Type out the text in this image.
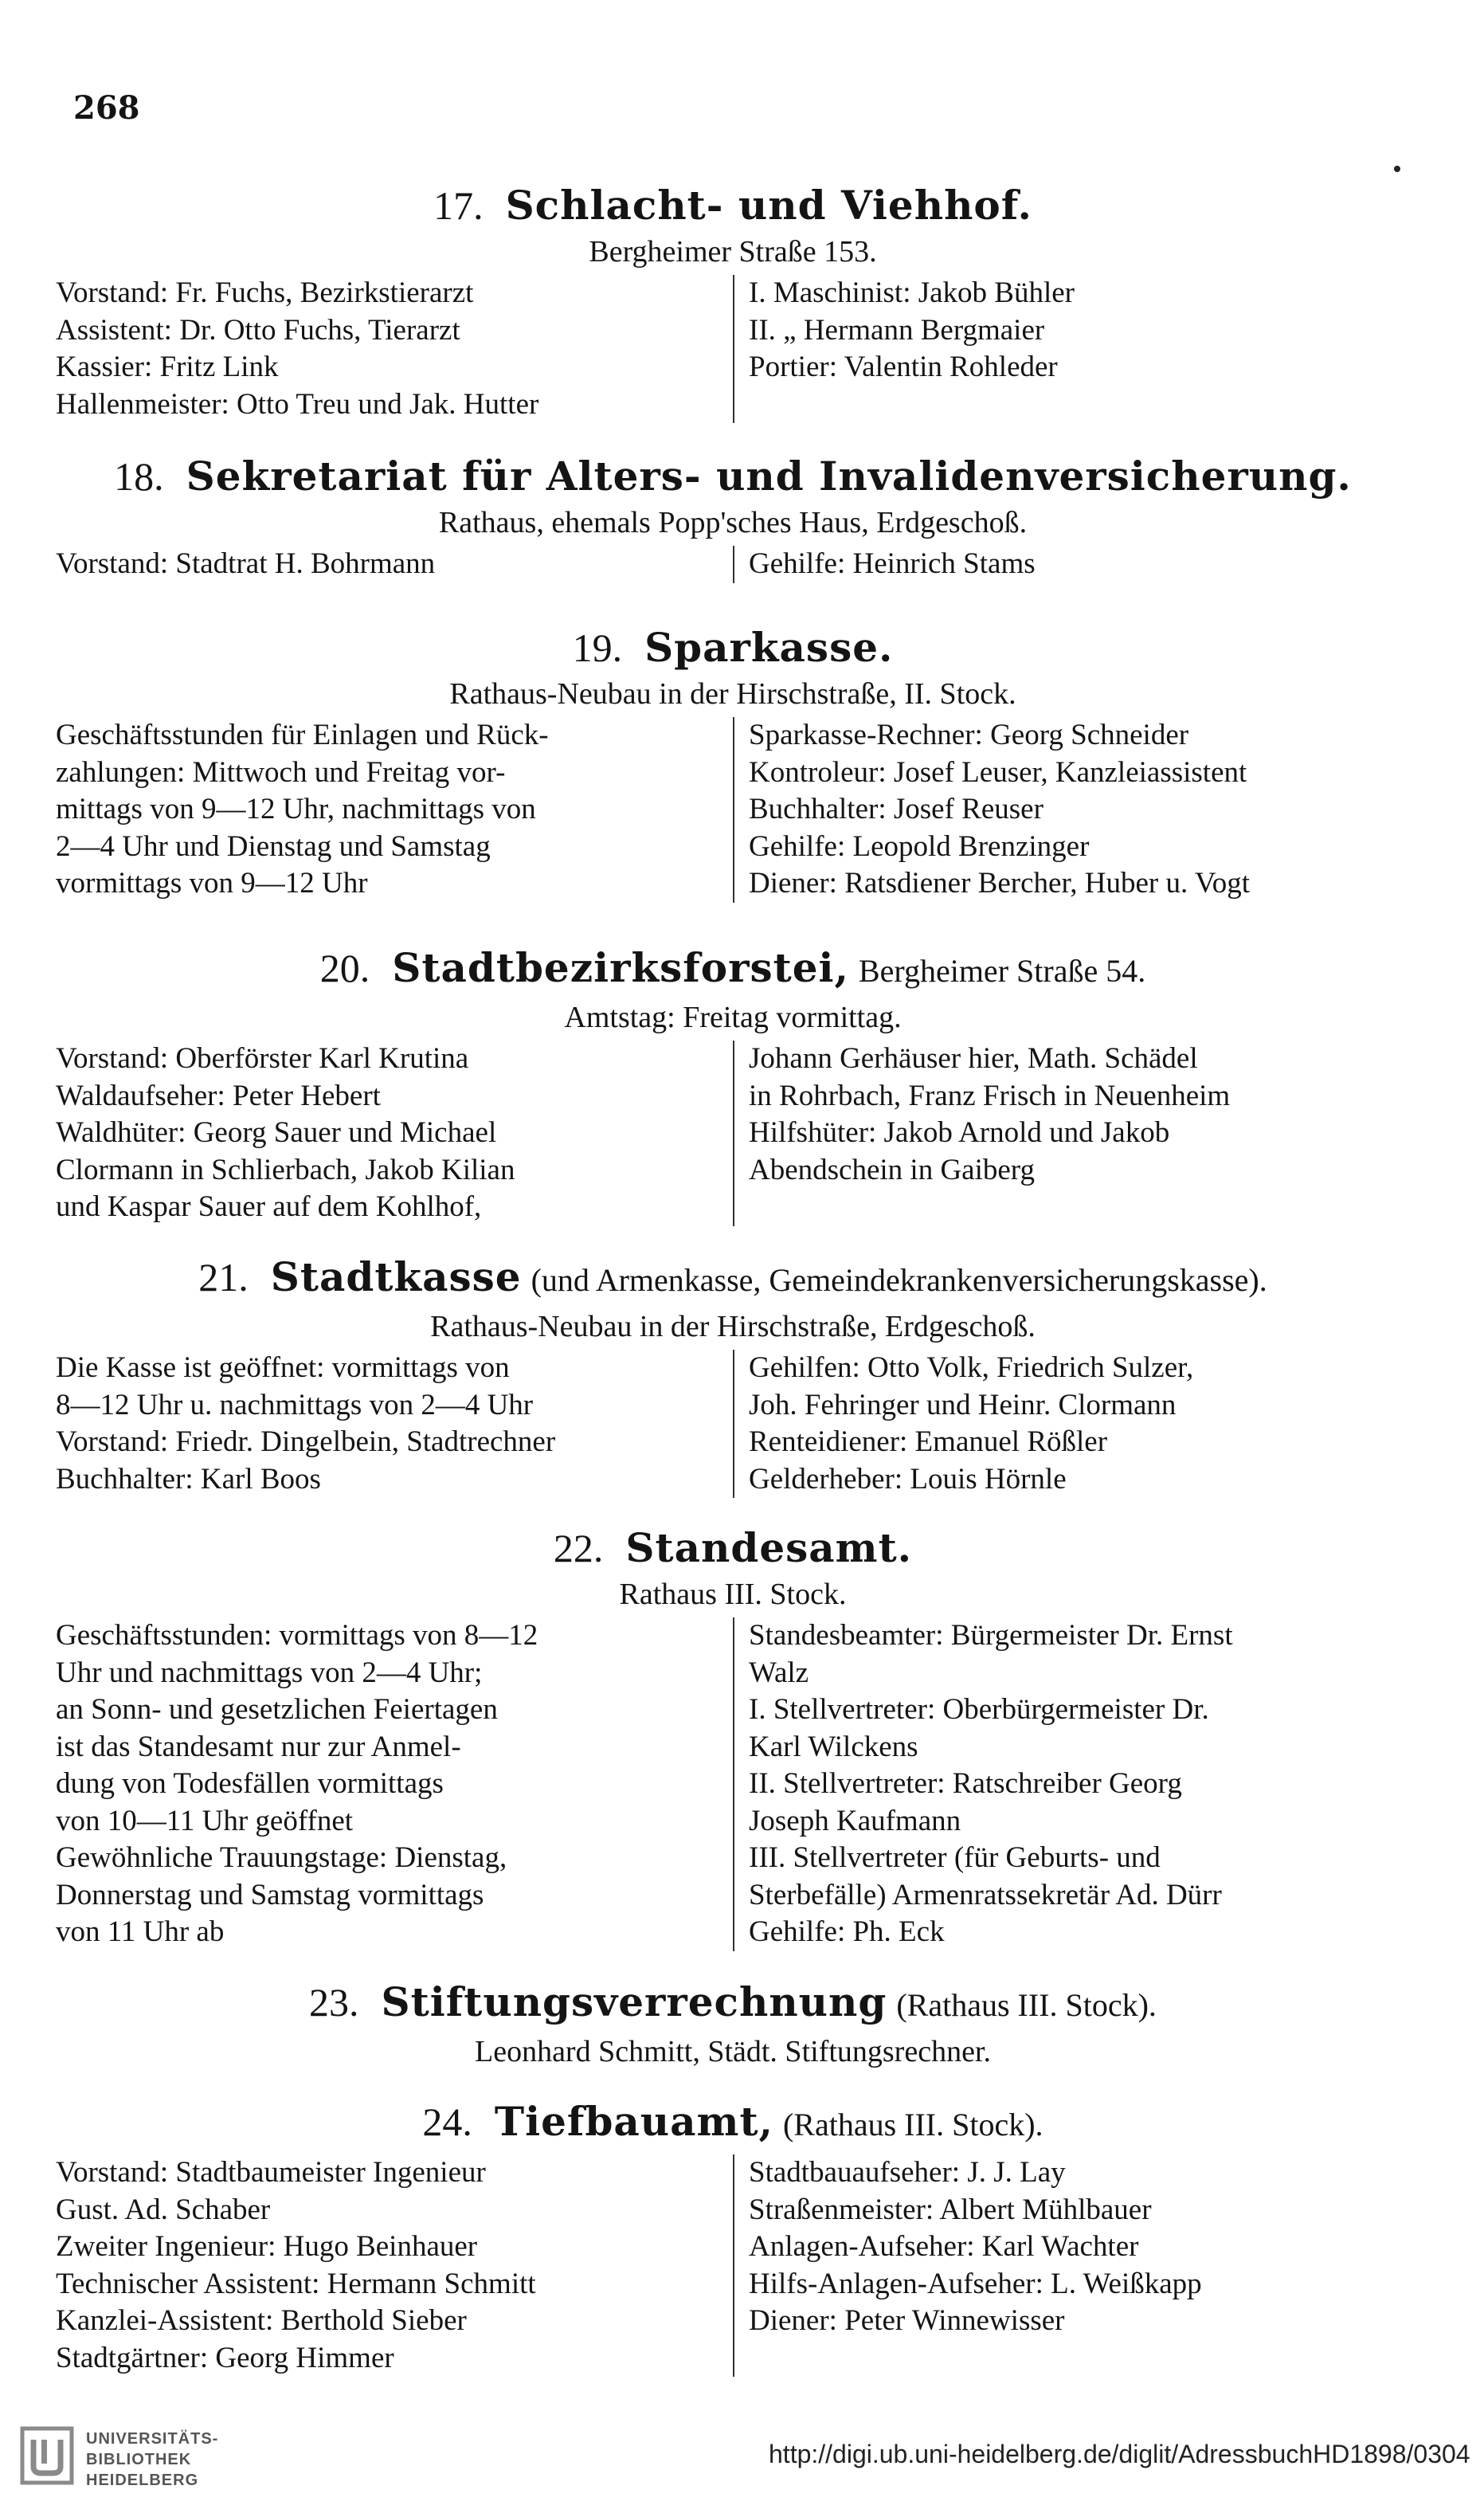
268
17. Schlacht- und Viehhof.
Bergheimer Straße 153.
Vorstand: Fr. Fuchs, Bezirkstierarzt
Assistent: Dr. Otto Fuchs, Tierarzt
Kassier: Fritz Link
Hallenmeister: Otto Treu und Jak. Hutter
I. Maschinist: Jakob Bühler
II. „ Hermann Bergmaier
Portier: Valentin Rohleder
18. Sekretariat für Alters- und Invalidenversicherung.
Rathaus, ehemals Popp'sches Haus, Erdgeschoß.
Vorstand: Stadtrat H. Bohrmann	Gehilfe: Heinrich Stams
19. Sparkasse.
Rathaus-Neubau in der Hirschstraße, II. Stock.
Geschäftsstunden für Einlagen und Rück-
zahlungen: Mittwoch und Freitag vor-
mittags von 9—12 Uhr, nachmittags von
2—4 Uhr und Dienstag und Samstag
vormittags von 9—12 Uhr
Sparkasse-Rechner: Georg Schneider
Kontroleur: Josef Leuser, Kanzleiassistent
Buchhalter: Josef Reuser
Gehilfe: Leopold Brenzinger
Diener: Ratsdiener Bercher, Huber u. Vogt
20. Stadtbezirksforstei, Bergheimer Straße 54.
Amtstag: Freitag vormittag.
Vorstand: Oberförster Karl Krutina
Waldaufseher: Peter Hebert
Waldhüter: Georg Sauer und Michael
Clormann in Schlierbach, Jakob Kilian
und Kaspar Sauer auf dem Kohlhof,
Johann Gerhäuser hier, Math. Schädel
in Rohrbach, Franz Frisch in Neuenheim
Hilfshüter: Jakob Arnold und Jakob
Abendschein in Gaiberg
21. Stadtkasse (und Armenkasse, Gemeindekrankenversicherungskasse).
Rathaus-Neubau in der Hirschstraße, Erdgeschoß.
Die Kasse ist geöffnet: vormittags von
8—12 Uhr u. nachmittags von 2—4 Uhr
Vorstand: Friedr. Dingelbein, Stadtrechner
Buchhalter: Karl Boos
Gehilfen: Otto Volk, Friedrich Sulzer,
Joh. Fehringer und Heinr. Clormann
Renteidiener: Emanuel Rößler
Gelderheber: Louis Hörnle
22. Standesamt.
Rathaus III. Stock.
Geschäftsstunden: vormittags von 8—12
Uhr und nachmittags von 2—4 Uhr;
an Sonn- und gesetzlichen Feiertagen
ist das Standesamt nur zur Anmel-
dung von Todesfällen vormittags
von 10—11 Uhr geöffnet
Gewöhnliche Trauungstage: Dienstag,
Donnerstag und Samstag vormittags
von 11 Uhr ab
Standesbeamter: Bürgermeister Dr. Ernst
Walz
I. Stellvertreter: Oberbürgermeister Dr.
Karl Wilckens
II. Stellvertreter: Ratschreiber Georg
Joseph Kaufmann
III. Stellvertreter (für Geburts- und
Sterbefälle) Armenratssekretär Ad. Dürr
Gehilfe: Ph. Eck
23. Stiftungsverrechnung (Rathaus III. Stock).
Leonhard Schmitt, Städt. Stiftungsrechner.
24. Tiefbauamt, (Rathaus III. Stock).
Vorstand: Stadtbaumeister Ingenieur
Gust. Ad. Schaber
Zweiter Ingenieur: Hugo Beinhauer
Technischer Assistent: Hermann Schmitt
Kanzlei-Assistent: Berthold Sieber
Stadtgärtner: Georg Himmer
Stadtbauaufseher: J. J. Lay
Straßenmeister: Albert Mühlbauer
Anlagen-Aufseher: Karl Wachter
Hilfs-Anlagen-Aufseher: L. Weißkapp
Diener: Peter Winnewisser
UNIVERSITÄTS-
BIBLIOTHEK
HEIDELBERG
http://digi.ub.uni-heidelberg.de/diglit/AdressbuchHD1898/0304
